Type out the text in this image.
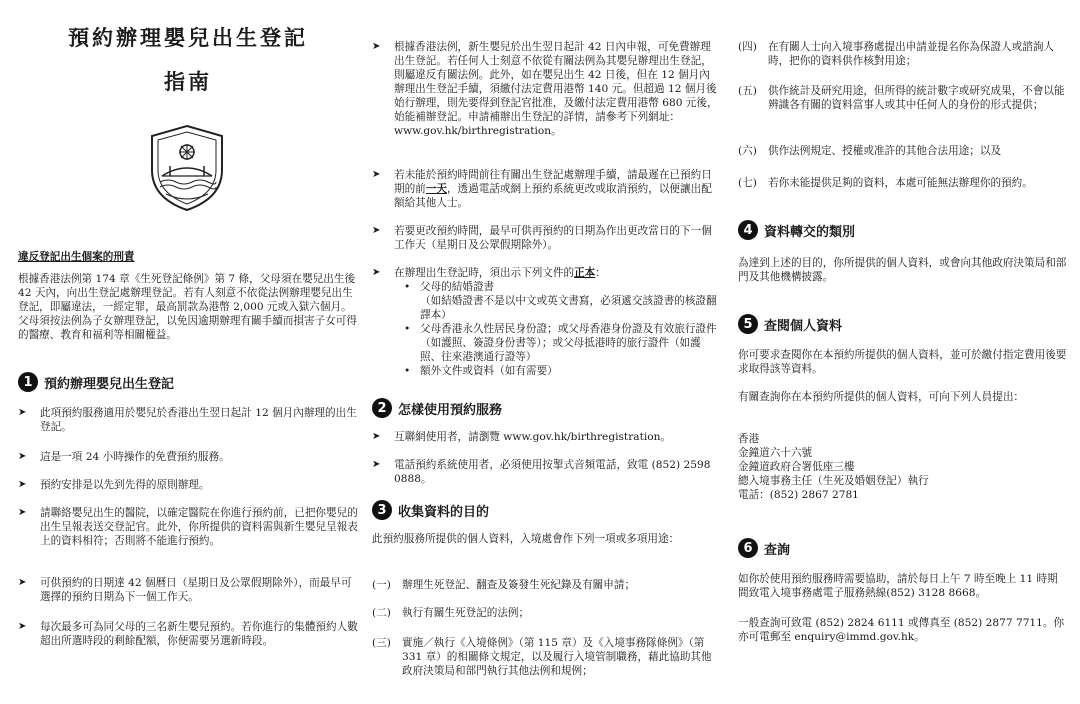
預約辦理嬰兒出生登記
指南
違反登記出生個案的刑責
根據香港法例第 174 章《生死登記條例》第 7 條，父母須在嬰兒出生後 42 天內，向出生登記處辦理登記。若有人刻意不依從法例辦理嬰兒出生登記，即屬違法，一經定罪，最高罰款為港幣 2,000 元或入獄六個月。父母須按法例為子女辦理登記，以免因逾期辦理有關手續而損害子女可得的醫療、教育和福利等相關權益。
1 預約辦理嬰兒出生登記
➤	此項預約服務適用於嬰兒於香港出生翌日起計 12 個月內辦理的出生登記。
➤	這是一項 24 小時操作的免費預約服務。
➤	預約安排是以先到先得的原則辦理。
➤	請聯絡嬰兒出生的醫院，以確定醫院在你進行預約前，已把你嬰兒的出生呈報表送交登記官。此外，你所提供的資料需與新生嬰兒呈報表上的資料相符；否則將不能進行預約。
➤	可供預約的日期達 42 個曆日（星期日及公眾假期除外），而最早可選擇的預約日期為下一個工作天。
➤	每次最多可為同父母的三名新生嬰兒預約。若你進行的集體預約人數超出所選時段的剩餘配額，你便需要另選新時段。
➤	根據香港法例，新生嬰兒於出生翌日起計 42 日內申報，可免費辦理出生登記。若任何人士刻意不依從有關法例為其嬰兒辦理出生登記，則屬違反有關法例。此外，如在嬰兒出生 42 日後，但在 12 個月內辦理出生登記手續，須繳付法定費用港幣 140 元。但超過 12 個月後始行辦理，則先要得到登記官批准，及繳付法定費用港幣 680 元後，始能補辦登記。申請補辦出生登記的詳情，請參考下列網址：www.gov.hk/birthregistration。
➤	若未能於預約時間前往有關出生登記處辦理手續，請最遲在已預約日期的前一天，透過電話或網上預約系統更改或取消預約，以便讓出配額給其他人士。
➤	若要更改預約時間，最早可供再預約的日期為作出更改當日的下一個工作天（星期日及公眾假期除外）。
➤	在辦理出生登記時，須出示下列文件的正本：
• 父母的結婚證書
（如結婚證書不是以中文或英文書寫，必須遞交該證書的核證翻譯本）
• 父母香港永久性居民身份證；或父母香港身份證及有效旅行證件（如護照、簽證身份書等）；或父母抵港時的旅行證件（如護照、往來港澳通行證等）
• 額外文件或資料（如有需要）
2 怎樣使用預約服務
➤	互聯網使用者，請瀏覽 www.gov.hk/birthregistration。
➤	電話預約系統使用者，必須使用按掣式音頻電話，致電 (852) 2598 0888。
3 收集資料的目的
此預約服務所提供的個人資料，入境處會作下列一項或多項用途：
(一)	辦理生死登記、翻查及簽發生死紀錄及有關申請；
(二)	執行有關生死登記的法例；
(三)	實施／執行《入境條例》（第 115 章）及《入境事務隊條例》（第 331 章）的相關條文規定，以及履行入境管制職務，藉此協助其他政府決策局和部門執行其他法例和規例；
(四)	在有關人士向入境事務處提出申請並提名你為保證人或諮詢人時，把你的資料供作核對用途；
(五)	供作統計及研究用途，但所得的統計數字或研究成果，不會以能辨識各有關的資料當事人或其中任何人的身份的形式提供；
(六)	供作法例規定、授權或准許的其他合法用途；以及
(七)	若你未能提供足夠的資料，本處可能無法辦理你的預約。
4 資料轉交的類別
為達到上述的目的，你所提供的個人資料，或會向其他政府決策局和部門及其他機構披露。
5 查閱個人資料
你可要求查閱你在本預約所提供的個人資料，並可於繳付指定費用後要求取得該等資料。
有關查詢你在本預約所提供的個人資料，可向下列人員提出：
香港
金鐘道六十六號
金鐘道政府合署低座三樓
總入境事務主任（生死及婚姻登記）執行
電話：(852) 2867 2781
6 查詢
如你於使用預約服務時需要協助，請於每日上午 7 時至晚上 11 時期間致電入境事務處電子服務熱線(852) 3128 8668。
一般查詢可致電 (852) 2824 6111 或傳真至 (852) 2877 7711。你亦可電郵至 enquiry@immd.gov.hk。
